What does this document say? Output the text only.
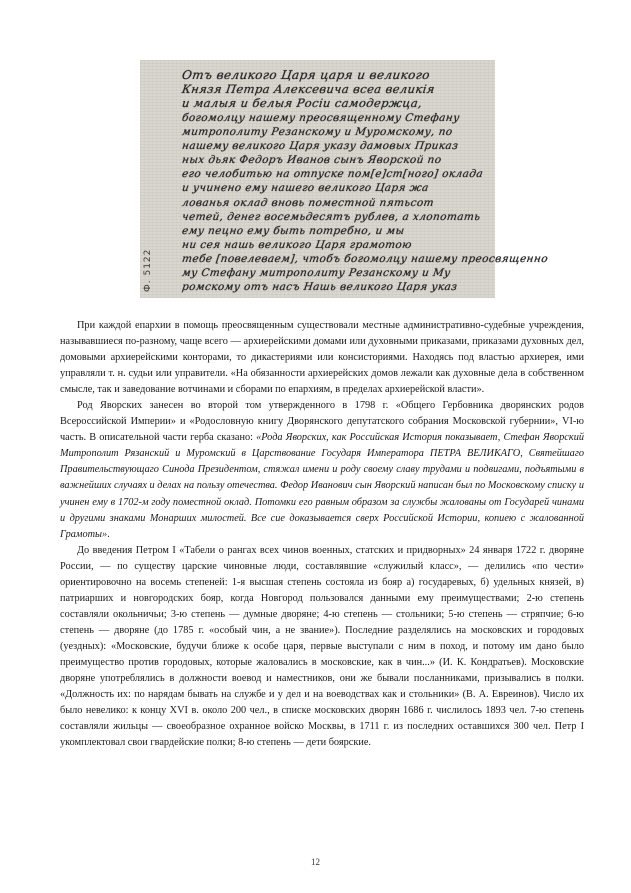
Отъ великого Царя царя и великого
Князя Петра Алексевича всеа великiя
и малыя и белыя Росiи самодержца,
богомолцу нашему преосвященному Стефану
митрополиту Резанскому и Муромскому, по
нашему великого Царя указу дамовых Приказ
ных дьяк Федоръ Иванов сынъ Яворской по
его челобитью на отпуске пом[е]ст[ного] оклада
и учинено ему нашего великого Царя жа
лованья оклад вновь поместной пятьсот
четей, денег восемьдесятъ рублев, а хлопотать
ему пецно ему быть потребно, и мы
ни сея нашь великого Царя грамотою
тебе [повелеваем], чтобъ богомолцу нашему преосвященно
му Стефану митрополиту Резанскому и Му
ромскому отъ насъ Нашь великого Царя указ
Ф. 5122

При каждой епархии в помощь преосвященным существовали местные административно-судебные учреждения, называвшиеся по-разному, чаще всего — архиерейскими домами или духовными приказами, приказами духовных дел, домовыми архиерейскими конторами, то дикастериями или консисториями. Находясь под властью архиерея, ими управляли т. н. судьи или управители. «На обязанности архиерейских домов лежали как духовные дела в собственном смысле, так и заведование вотчинами и сборами по епархиям, в пределах архиерейской власти».

Род Яворских занесен во второй том утвержденного в 1798 г. «Общего Гербовника дворянских родов Всероссийской Империи» и «Родословную книгу Дворянского депутатского собрания Московской губернии», VI-ю часть. В описательной части герба сказано: «Рода Яворских, как Российская История показывает, Стефан Яворский Митрополит Рязанский и Муромский в Царствование Государя Императора ПЕТРА ВЕЛИКАГО, Святейшаго Правительствующаго Синода Президентом, стяжал имени и роду своему славу трудами и подвигами, подъятыми в важнейших случаях и делах на пользу отечества. Федор Иванович сын Яворский написан был по Московскому списку и учинен ему в 1702-м году поместной оклад. Потомки его равным образом за службы жалованы от Государей чинами и другими знаками Монарших милостей. Все сие доказывается сверх Российской Истории, копиею с жалованной Грамоты».

До введения Петром I «Табели о рангах всех чинов военных, статских и придворных» 24 января 1722 г. дворяне России, — по существу царские чиновные люди, составлявшие «служилый класс», — делились «по чести» ориентировочно на восемь степеней: 1-я высшая степень состояла из бояр а) государевых, б) удельных князей, в) патриарших и новгородских бояр, когда Новгород пользовался данными ему преимуществами; 2-ю степень составляли окольничьи; 3-ю степень — думные дворяне; 4-ю степень — стольники; 5-ю степень — стряпчие; 6-ю степень — дворяне (до 1785 г. «особый чин, а не звание»). Последние разделялись на московских и городовых (уездных): «Московские, будучи ближе к особе царя, первые выступали с ним в поход, и потому им дано было преимущество против городовых, которые жаловались в московские, как в чин...» (И. К. Кондратьев). Московские дворяне употреблялись в должности воевод и наместников, они же бывали посланниками, призывались в полки. «Должность их: по нарядам бывать на службе и у дел и на воеводствах как и стольники» (В. А. Евреинов). Число их было невелико: к концу XVI в. около 200 чел., в списке московских дворян 1686 г. числилось 1893 чел. 7-ю степень составляли жильцы — своеобразное охранное войско Москвы, в 1711 г. из последних оставшихся 300 чел. Петр I укомплектовал свои гвардейские полки; 8-ю степень — дети боярские.

12
